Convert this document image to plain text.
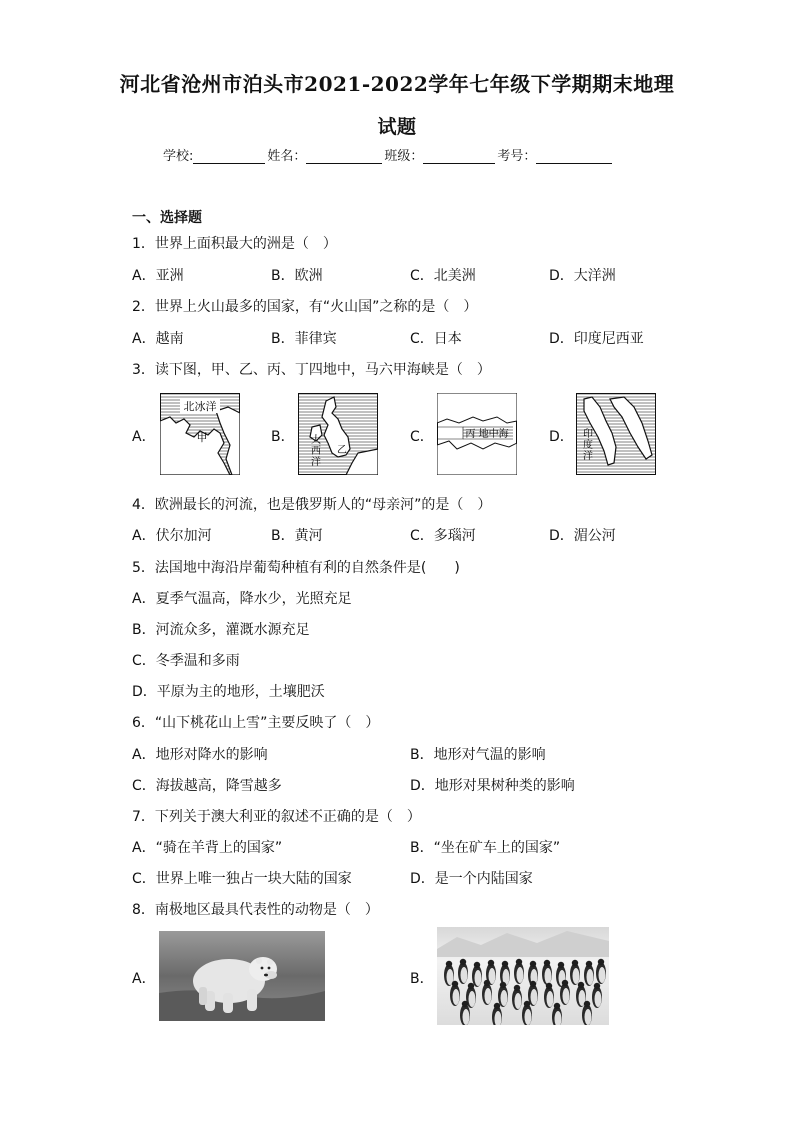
河北省沧州市泊头市2021-2022学年七年级下学期期末地理
试题
学校:	姓名：	班级：	考号：
一、选择题
1．世界上面积最大的洲是（　）
A．亚洲	B．欧洲	C．北美洲	D．大洋洲
2．世界上火山最多的国家，有“火山国”之称的是（　）
A．越南	B．菲律宾	C．日本	D．印度尼西亚
3．读下图，甲、乙、丙、丁四地中，马六甲海峡是（　）
A．	B．	C．	D．
北冰洋
甲	大西洋
乙
丙 地中海	印度洋
4．欧洲最长的河流，也是俄罗斯人的“母亲河”的是（　）
A．伏尔加河	B．黄河	C．多瑙河	D．湄公河
5．法国地中海沿岸葡萄种植有利的自然条件是(　　)
A．夏季气温高，降水少，光照充足
B．河流众多，灌溉水源充足
C．冬季温和多雨
D．平原为主的地形，土壤肥沃
6．“山下桃花山上雪”主要反映了（　）
A．地形对降水的影响	B．地形对气温的影响
C．海拔越高，降雪越多	D．地形对果树种类的影响
7．下列关于澳大利亚的叙述不正确的是（　）
A．“骑在羊背上的国家”	B．“坐在矿车上的国家”
C．世界上唯一独占一块大陆的国家	D．是一个内陆国家
8．南极地区最具代表性的动物是（　）
A．	B．
